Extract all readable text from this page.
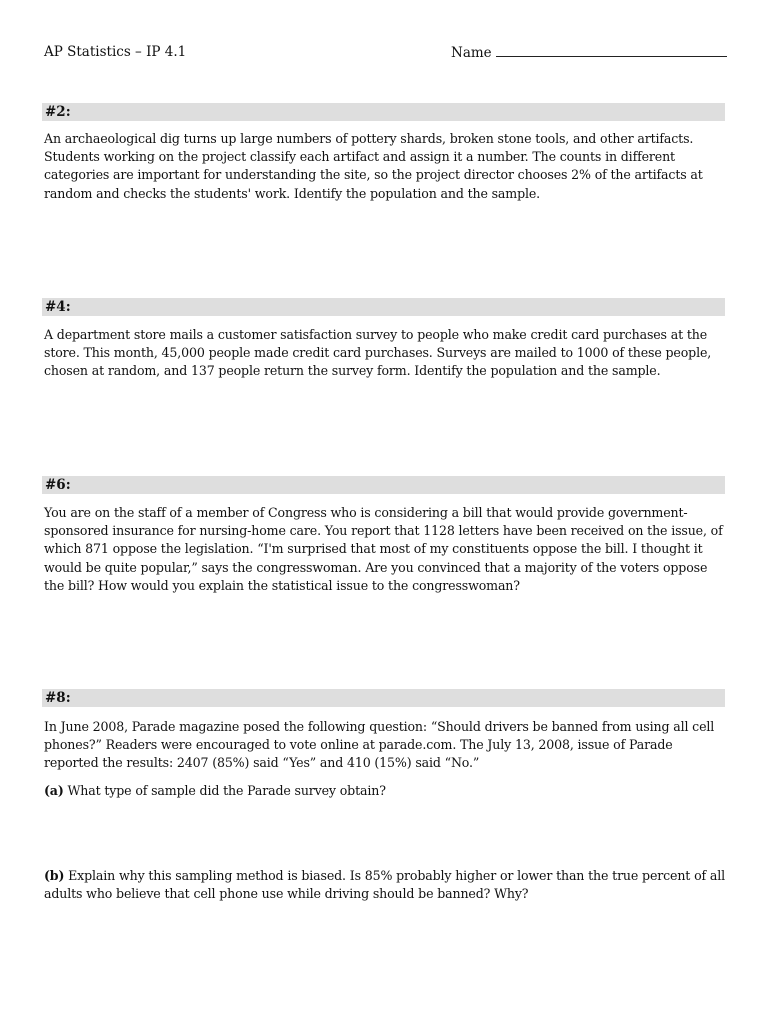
AP Statistics – IP 4.1	Name
#2:

An archaeological dig turns up large numbers of pottery shards, broken stone tools, and other artifacts. Students working on the project classify each artifact and assign it a number. The counts in different categories are important for understanding the site, so the project director chooses 2% of the artifacts at random and checks the students' work. Identify the population and the sample.

#4:

A department store mails a customer satisfaction survey to people who make credit card purchases at the store. This month, 45,000 people made credit card purchases. Surveys are mailed to 1000 of these people, chosen at random, and 137 people return the survey form. Identify the population and the sample.

#6:

You are on the staff of a member of Congress who is considering a bill that would provide government-sponsored insurance for nursing-home care. You report that 1128 letters have been received on the issue, of which 871 oppose the legislation. “I'm surprised that most of my constituents oppose the bill. I thought it would be quite popular,” says the congresswoman. Are you convinced that a majority of the voters oppose the bill? How would you explain the statistical issue to the congresswoman?

#8:

In June 2008, Parade magazine posed the following question: “Should drivers be banned from using all cell phones?” Readers were encouraged to vote online at parade.com. The July 13, 2008, issue of Parade reported the results: 2407 (85%) said “Yes” and 410 (15%) said “No.”

(a) What type of sample did the Parade survey obtain?

(b) Explain why this sampling method is biased. Is 85% probably higher or lower than the true percent of all adults who believe that cell phone use while driving should be banned? Why?
